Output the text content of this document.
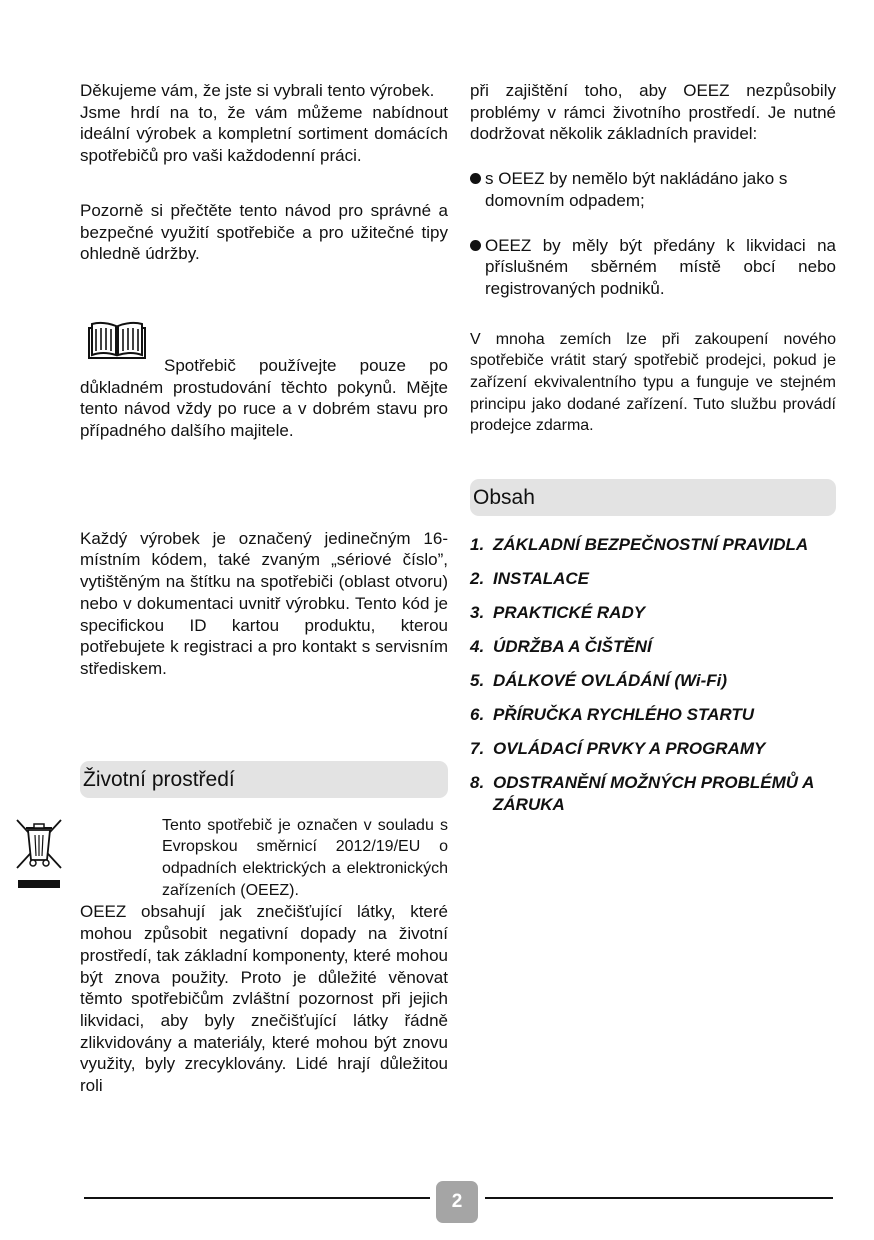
Děkujeme vám, že jste si vybrali tento výrobek.

Jsme hrdí na to, že vám můžeme nabídnout ideální výrobek a kompletní sortiment domácích spotřebičů pro vaši každodenní práci.

Pozorně si přečtěte tento návod pro správné a bezpečné využití spotřebiče a pro užitečné tipy ohledně údržby.

Spotřebič používejte pouze po důkladném prostudování těchto pokynů. Mějte tento návod vždy po ruce a v dobrém stavu pro případného dalšího majitele.

Každý výrobek je označený jedinečným 16-místním kódem, také zvaným „sériové číslo”, vytištěným na štítku na spotřebiči (oblast otvoru) nebo v dokumentaci uvnitř výrobku. Tento kód je specifickou ID kartou produktu, kterou potřebujete k registraci a pro kontakt s servisním střediskem.

Životní prostředí

Tento spotřebič je označen v souladu s Evropskou směrnicí 2012/19/EU o odpadních elektrických a elektronických zařízeních (OEEZ).

OEEZ obsahují jak znečišťující látky, které mohou způsobit negativní dopady na životní prostředí, tak základní komponenty, které mohou být znova použity. Proto je důležité věnovat těmto spotřebičům zvláštní pozornost při jejich likvidaci, aby byly znečišťující látky řádně zlikvidovány a materiály, které mohou být znovu využity, byly zrecyklovány. Lidé hrají důležitou roli

při zajištění toho, aby OEEZ nezpůsobily problémy v rámci životního prostředí. Je nutné dodržovat několik základních pravidel:

s OEEZ by nemělo být nakládáno jako s domovním odpadem;

OEEZ by měly být předány k likvidaci na příslušném sběrném místě obcí nebo registrovaných podniků.

V mnoha zemích lze při zakoupení nového spotřebiče vrátit starý spotřebič prodejci, pokud je zařízení ekvivalentního typu a funguje ve stejném principu jako dodané zařízení. Tuto službu provádí prodejce zdarma.

Obsah
1. ZÁKLADNÍ BEZPEČNOSTNÍ PRAVIDLA
2. INSTALACE
3. PRAKTICKÉ RADY
4. ÚDRŽBA A ČIŠTĚNÍ
5. DÁLKOVÉ OVLÁDÁNÍ (Wi-Fi)
6. PŘÍRUČKA RYCHLÉHO STARTU
7. OVLÁDACÍ PRVKY A PROGRAMY
8. ODSTRANĚNÍ MOŽNÝCH PROBLÉMŮ A ZÁRUKA
2
